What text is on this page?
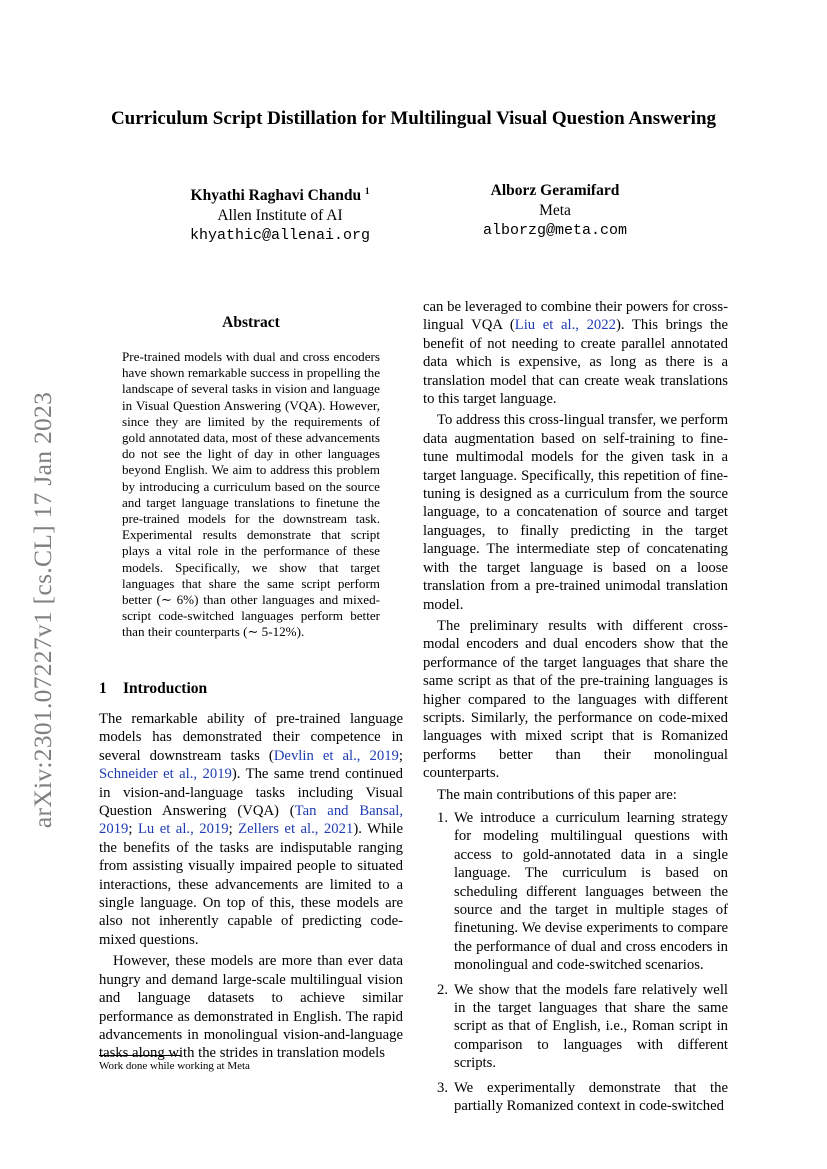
arXiv:2301.07227v1 [cs.CL] 17 Jan 2023
Curriculum Script Distillation for Multilingual Visual Question Answering
Khyathi Raghavi Chandu $^1$
Allen Institute of AI
khyathic@allenai.org
Alborz Geramifard
Meta
alborzg@meta.com
Abstract
Pre-trained models with dual and cross encoders have shown remarkable success in propelling the landscape of several tasks in vision and language in Visual Question Answering (VQA). However, since they are limited by the requirements of gold annotated data, most of these advancements do not see the light of day in other languages beyond English. We aim to address this problem by introducing a curriculum based on the source and target language translations to finetune the pre-trained models for the downstream task. Experimental results demonstrate that script plays a vital role in the performance of these models. Specifically, we show that target languages that share the same script perform better (∼ 6%) than other languages and mixed-script code-switched languages perform better than their counterparts (∼ 5-12%).
1 Introduction

The remarkable ability of pre-trained language models has demonstrated their competence in several downstream tasks (Devlin et al., 2019; Schneider et al., 2019). The same trend continued in vision-and-language tasks including Visual Question Answering (VQA) (Tan and Bansal, 2019; Lu et al., 2019; Zellers et al., 2021). While the benefits of the tasks are indisputable ranging from assisting visually impaired people to situated interactions, these advancements are limited to a single language. On top of this, these models are also not inherently capable of predicting code-mixed questions.

However, these models are more than ever data hungry and demand large-scale multilingual vision and language datasets to achieve similar performance as demonstrated in English. The rapid advancements in monolingual vision-and-language tasks along with the strides in translation models

can be leveraged to combine their powers for cross-lingual VQA (Liu et al., 2022). This brings the benefit of not needing to create parallel annotated data which is expensive, as long as there is a translation model that can create weak translations to this target language.

To address this cross-lingual transfer, we perform data augmentation based on self-training to fine-tune multimodal models for the given task in a target language. Specifically, this repetition of fine-tuning is designed as a curriculum from the source language, to a concatenation of source and target languages, to finally predicting in the target language. The intermediate step of concatenating with the target language is based on a loose translation from a pre-trained unimodal translation model.

The preliminary results with different cross-modal encoders and dual encoders show that the performance of the target languages that share the same script as that of the pre-training languages is higher compared to the languages with different scripts. Similarly, the performance on code-mixed languages with mixed script that is Romanized performs better than their monolingual counterparts.

The main contributions of this paper are:

1. We introduce a curriculum learning strategy for modeling multilingual questions with access to gold-annotated data in a single language. The curriculum is based on scheduling different languages between the source and the target in multiple stages of finetuning. We devise experiments to compare the performance of dual and cross encoders in monolingual and code-switched scenarios.
2. We show that the models fare relatively well in the target languages that share the same script as that of English, i.e., Roman script in comparison to languages with different scripts.
3. We experimentally demonstrate that the partially Romanized context in code-switched
Work done while working at Meta
